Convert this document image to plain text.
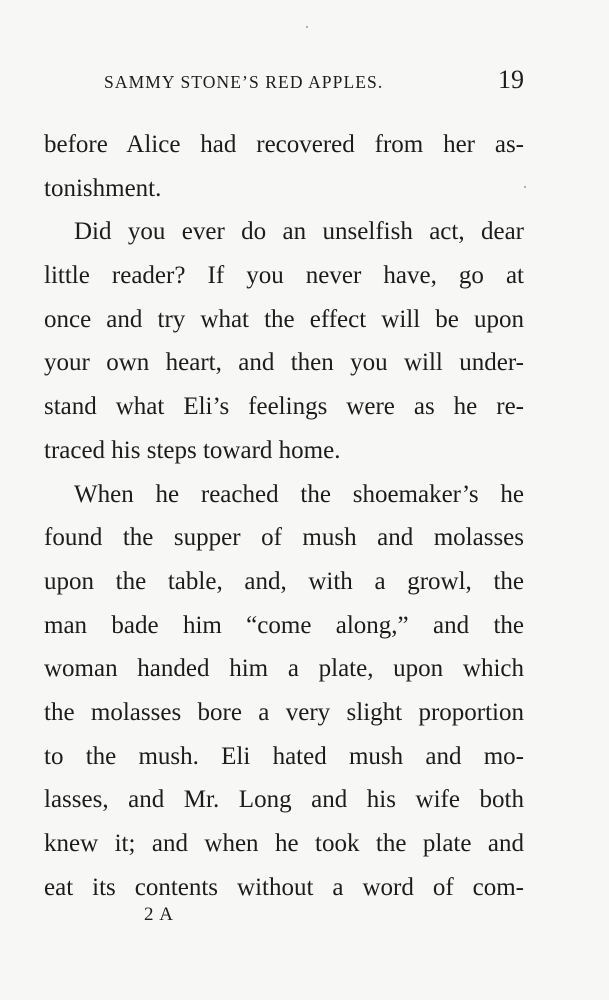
SAMMY STONE’S RED APPLES.	19
before Alice had recovered from her as-
tonishment.
Did you ever do an unselfish act, dear
little reader? If you never have, go at
once and try what the effect will be upon
your own heart, and then you will under-
stand what Eli’s feelings were as he re-
traced his steps toward home.
When he reached the shoemaker’s he
found the supper of mush and molasses
upon the table, and, with a growl, the
man bade him “come along,” and the
woman handed him a plate, upon which
the molasses bore a very slight proportion
to the mush. Eli hated mush and mo-
lasses, and Mr. Long and his wife both
knew it; and when he took the plate and
eat its contents without a word of com-
2 A
